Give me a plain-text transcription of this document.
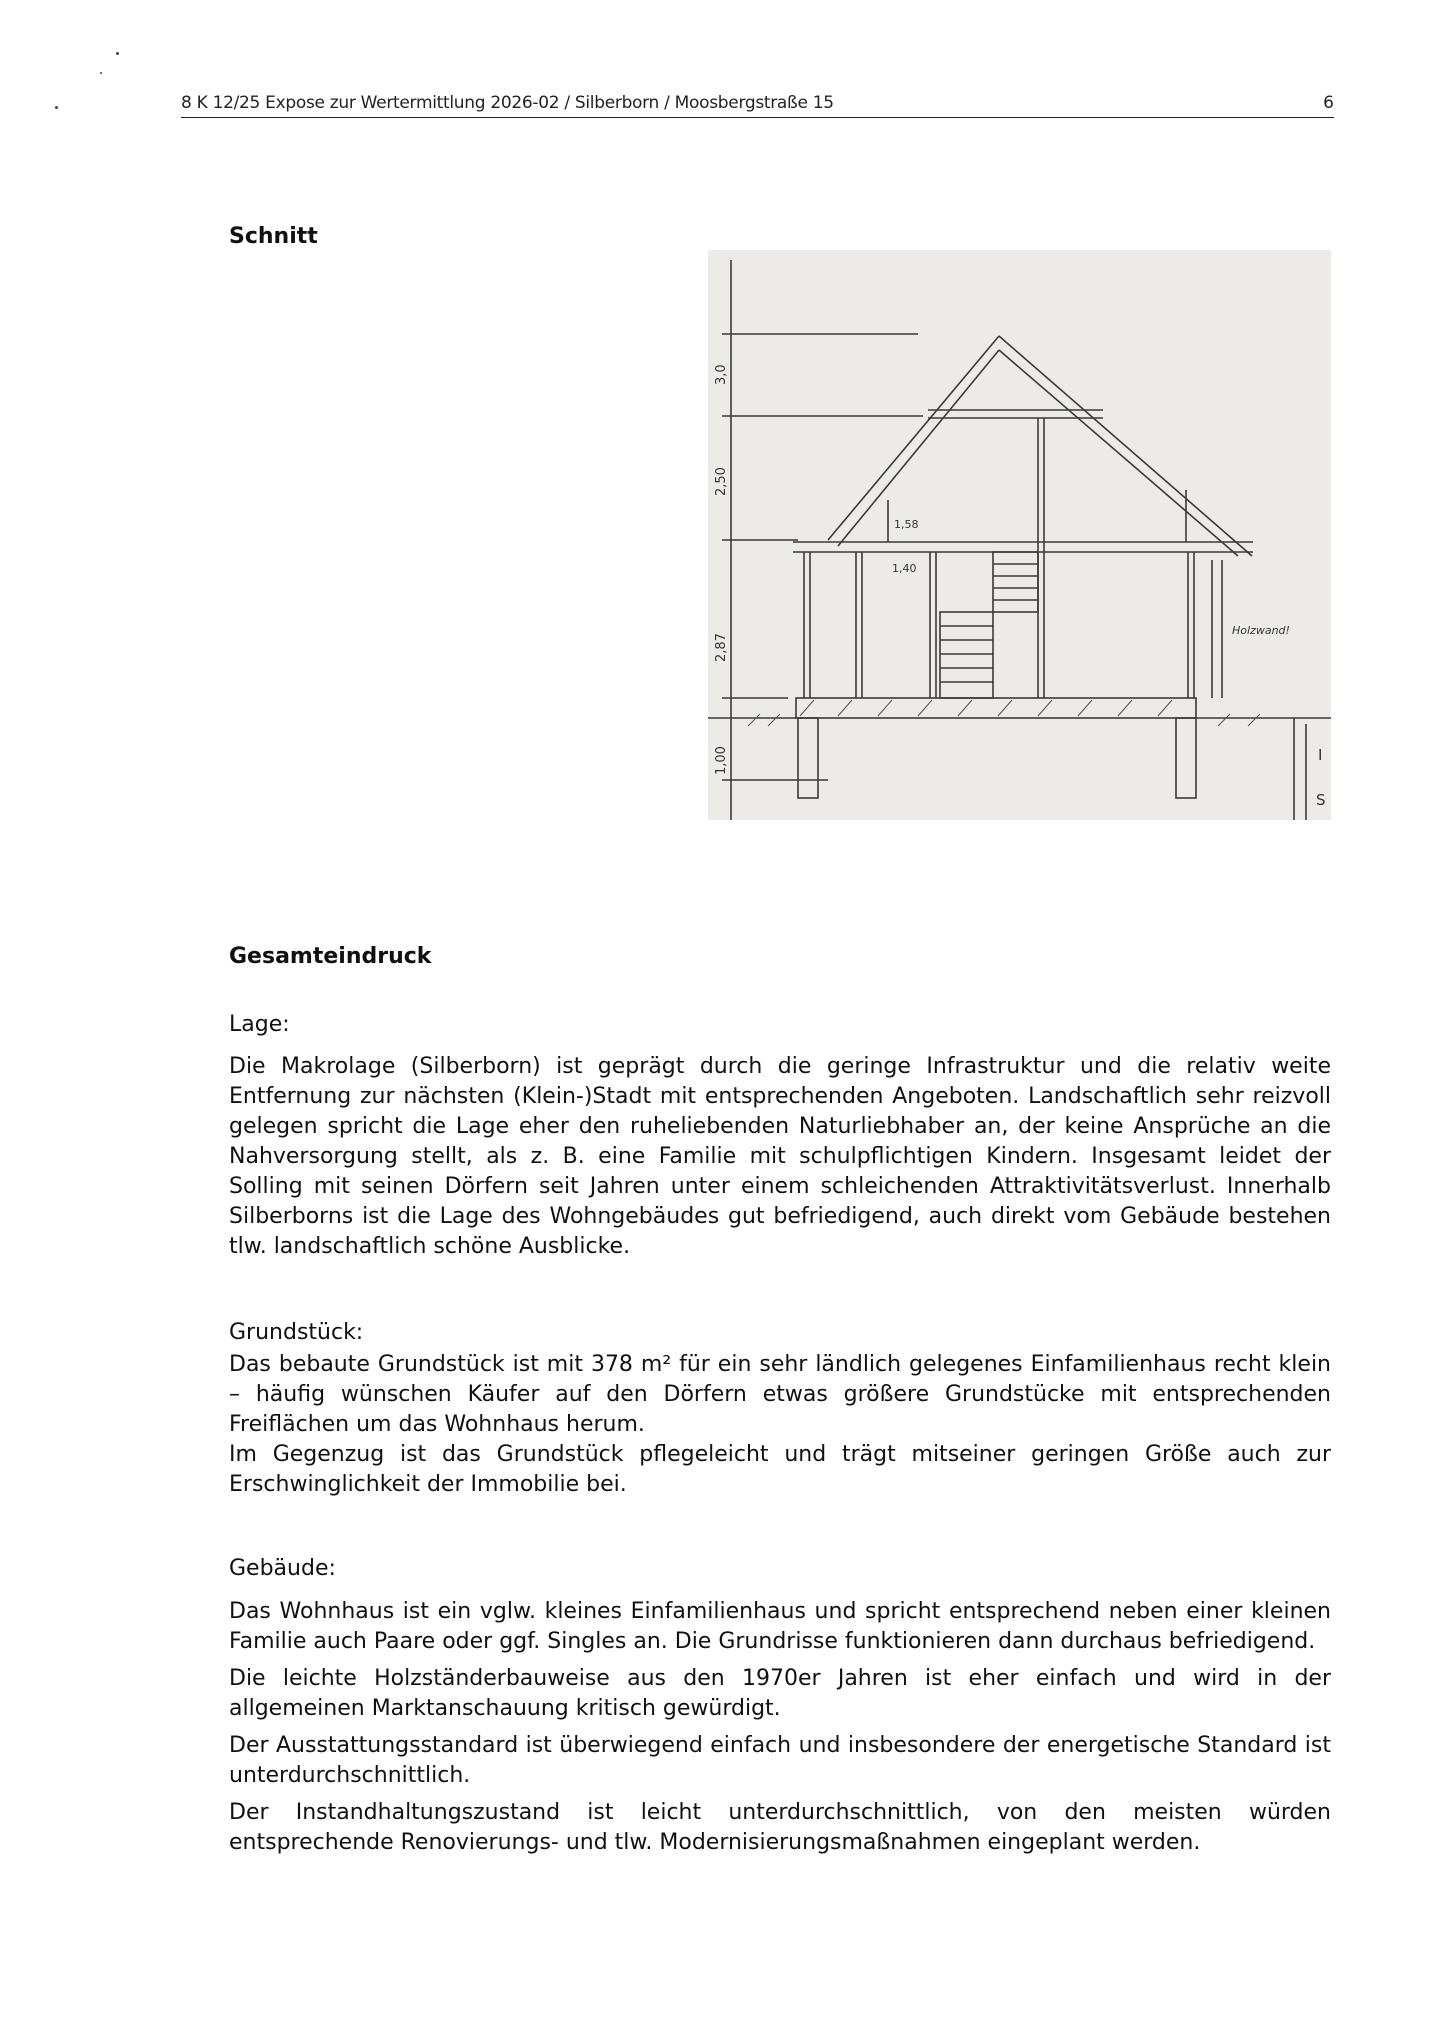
8 K 12/25 Expose zur Wertermittlung 2026-02 / Silberborn / Moosbergstraße 15	6
Schnitt
3,0
2,50
2,87
1,00
1,58
1,40
Holzwand!
I
S
Gesamteindruck
Lage:

Die Makrolage (Silberborn) ist geprägt durch die geringe Infrastruktur und die relativ weite Entfernung zur nächsten (Klein-)Stadt mit entsprechenden Angeboten. Landschaftlich sehr reizvoll gelegen spricht die Lage eher den ruheliebenden Naturliebhaber an, der keine Ansprüche an die Nahversorgung stellt, als z. B. eine Familie mit schulpflichtigen Kindern. Insgesamt leidet der Solling mit seinen Dörfern seit Jahren unter einem schleichenden Attraktivitätsverlust. Innerhalb Silberborns ist die Lage des Wohngebäudes gut befriedigend, auch direkt vom Gebäude bestehen tlw. landschaftlich schöne Ausblicke.

Grundstück:

Das bebaute Grundstück ist mit 378 m² für ein sehr ländlich gelegenes Einfamilienhaus recht klein – häufig wünschen Käufer auf den Dörfern etwas größere Grundstücke mit entsprechenden Freiflächen um das Wohnhaus herum.

Im Gegenzug ist das Grundstück pflegeleicht und trägt mitseiner geringen Größe auch zur Erschwinglichkeit der Immobilie bei.

Gebäude:

Das Wohnhaus ist ein vglw. kleines Einfamilienhaus und spricht entsprechend neben einer kleinen Familie auch Paare oder ggf. Singles an. Die Grundrisse funktionieren dann durchaus befriedigend.

Die leichte Holzständerbauweise aus den 1970er Jahren ist eher einfach und wird in der allgemeinen Marktanschauung kritisch gewürdigt.

Der Ausstattungsstandard ist überwiegend einfach und insbesondere der energetische Standard ist unterdurchschnittlich.

Der Instandhaltungszustand ist leicht unterdurchschnittlich, von den meisten würden entsprechende Renovierungs- und tlw. Modernisierungsmaßnahmen eingeplant werden.
